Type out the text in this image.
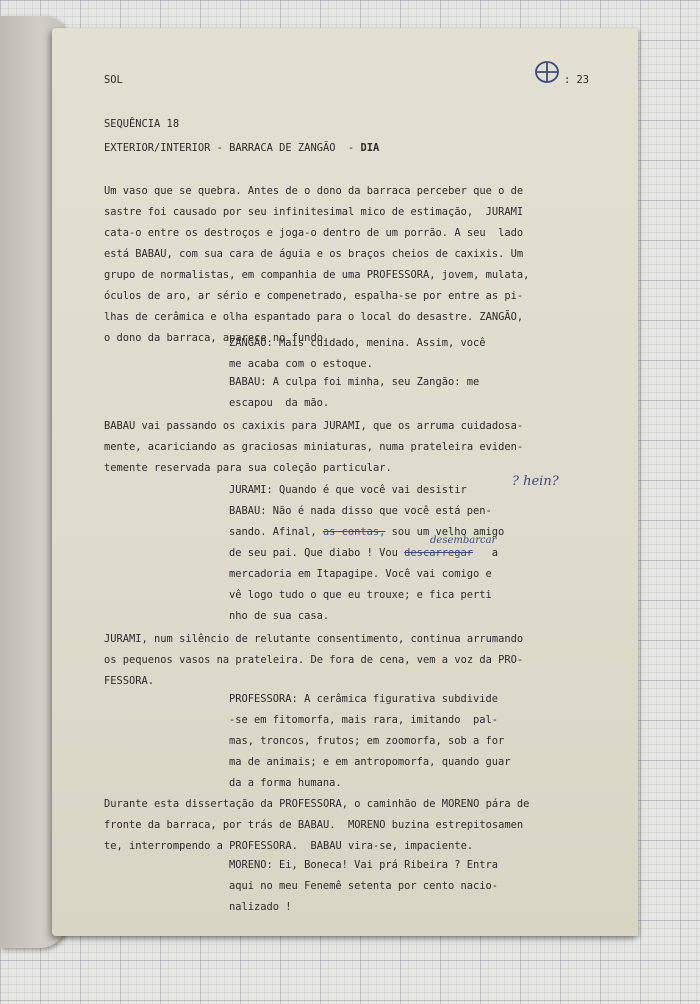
SOL	: 23
SEQUÊNCIA 18
EXTERIOR/INTERIOR - BARRACA DE ZANGÃO  - DIA
Um vaso que se quebra. Antes de o dono da barraca perceber que o de
sastre foi causado por seu infinitesimal mico de estimação,  JURAMI
cata-o entre os destroços e joga-o dentro de um porrão. A seu  lado
está BABAU, com sua cara de águia e os braços cheios de caxixis. Um
grupo de normalistas, em companhia de uma PROFESSORA, jovem, mulata,
óculos de aro, ar sério e compenetrado, espalha-se por entre as pi-
lhas de cerâmica e olha espantado para o local do desastre. ZANGÃO,
o dono da barraca, aparece no fundo.
ZANGÃO: Mais cuidado, menina. Assim, você
me acaba com o estoque.
BABAU: A culpa foi minha, seu Zangão: me
escapou  da mão.
BABAU vai passando os caxixis para JURAMI, que os arruma cuidadosa-
mente, acariciando as graciosas miniaturas, numa prateleira eviden-
temente reservada para sua coleção particular.
JURAMI: Quando é que você vai desistir
? hein?
BABAU: Não é nada disso que você está pen-
sando. Afinal, as contas, sou um velho amigo
de seu pai. Que diabo ! Vou descarregar   a
desembarcar
mercadoria em Itapagipe. Você vai comigo e
vê logo tudo o que eu trouxe; e fica perti
nho de sua casa.
JURAMI, num silêncio de relutante consentimento, continua arrumando
os pequenos vasos na prateleira. De fora de cena, vem a voz da PRO-
FESSORA.
PROFESSORA: A cerâmica figurativa subdivide
-se em fitomorfa, mais rara, imitando  pal-
mas, troncos, frutos; em zoomorfa, sob a for
ma de animais; e em antropomorfa, quando guar
da a forma humana.
Durante esta dissertação da PROFESSORA, o caminhão de MORENO pára de
fronte da barraca, por trás de BABAU.  MORENO buzina estrepitosamen
te, interrompendo a PROFESSORA.  BABAU vira-se, impaciente.
MORENO: Ei, Boneca! Vai prá Ribeira ? Entra
aqui no meu Fenemê setenta por cento nacio-
nalizado !
